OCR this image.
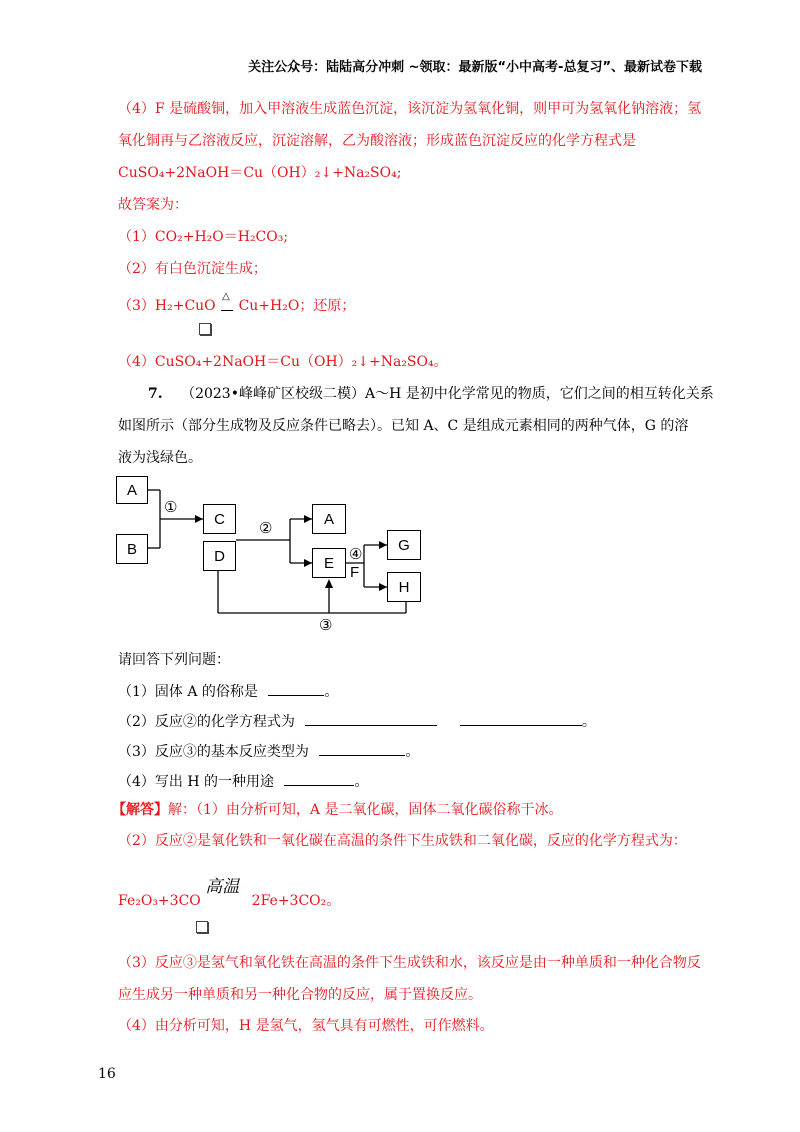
关注公众号：陆陆高分冲刺 ~领取：最新版“小中高考-总复习”、最新试卷下载
（4）F 是硫酸铜，加入甲溶液生成蓝色沉淀，该沉淀为氢氧化铜，则甲可为氢氧化钠溶液；氢
氧化铜再与乙溶液反应，沉淀溶解，乙为酸溶液；形成蓝色沉淀反应的化学方程式是
CuSO₄+2NaOH＝Cu（OH）₂↓+Na₂SO₄;
故答案为：
（1）CO₂+H₂O＝H₂CO₃;
（2）有白色沉淀生成；
（3）H₂+CuO
△
Cu+H₂O；还原；
（4）CuSO₄+2NaOH＝Cu（OH）₂↓+Na₂SO₄。
7. （2023•峰峰矿区校级二模）A～H 是初中化学常见的物质，它们之间的相互转化关系
如图所示（部分生成物及反应条件已略去）。已知 A、C 是组成元素相同的两种气体，G 的溶
液为浅绿色。
A
B
C
D
A
E
G
H
①
②
④
F
③
请回答下列问题：
（1）固体 A 的俗称是	。
（2）反应②的化学方程式为	。
（3）反应③的基本反应类型为	。
（4）写出 H 的一种用途	。
【解答】解：（1）由分析可知，A 是二氧化碳，固体二氧化碳俗称干冰。
（2）反应②是氧化铁和一氧化碳在高温的条件下生成铁和二氧化碳，反应的化学方程式为：
Fe₂O₃+3CO
高温
2Fe+3CO₂。
（3）反应③是氢气和氧化铁在高温的条件下生成铁和水，该反应是由一种单质和一种化合物反
应生成另一种单质和另一种化合物的反应，属于置换反应。
（4）由分析可知，H 是氢气，氢气具有可燃性，可作燃料。
16
